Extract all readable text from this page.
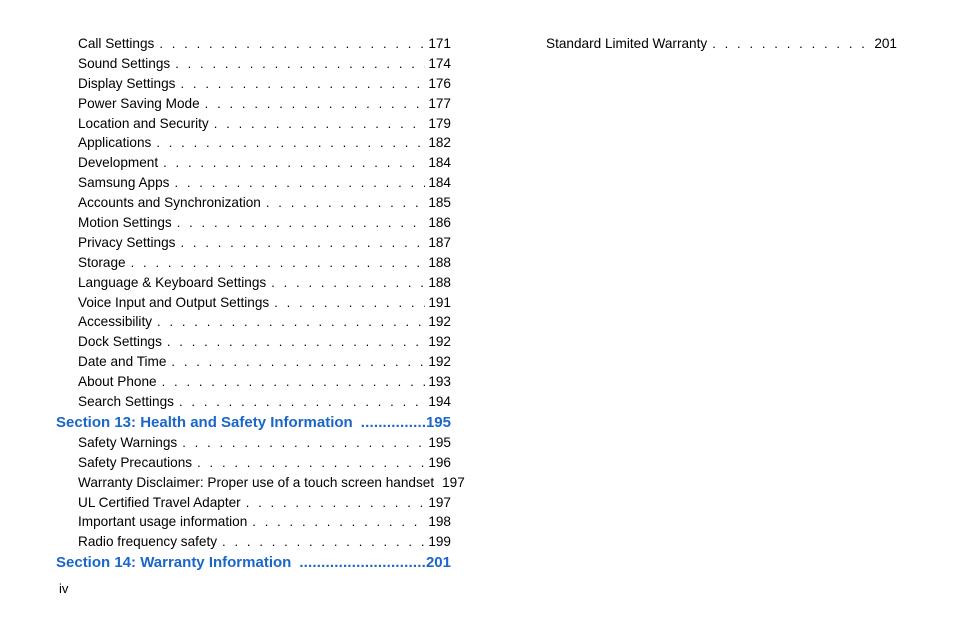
Call Settings . . .	171
Sound Settings . . .	174
Display Settings . . .	176
Power Saving Mode . . .	177
Location and Security . . .	179
Applications . . .	182
Development . . .	184
Samsung Apps . . .	184
Accounts and Synchronization . . .	185
Motion Settings . . .	186
Privacy Settings . . .	187
Storage . . .	188
Language & Keyboard Settings . . .	188
Voice Input and Output Settings . . .	191
Accessibility . . .	192
Dock Settings . . .	192
Date and Time . . .	192
About Phone . . .	193
Search Settings . . .	194
Section 13: Health and Safety Information .....	195
Safety Warnings . . .	195
Safety Precautions . . .	196
Warranty Disclaimer: Proper use of a touch screen handset 197
UL Certified Travel Adapter . . .	197
Important usage information . . .	198
Radio frequency safety . . .	199
Section 14: Warranty Information .....	201
Standard Limited Warranty . . .	201
iv
